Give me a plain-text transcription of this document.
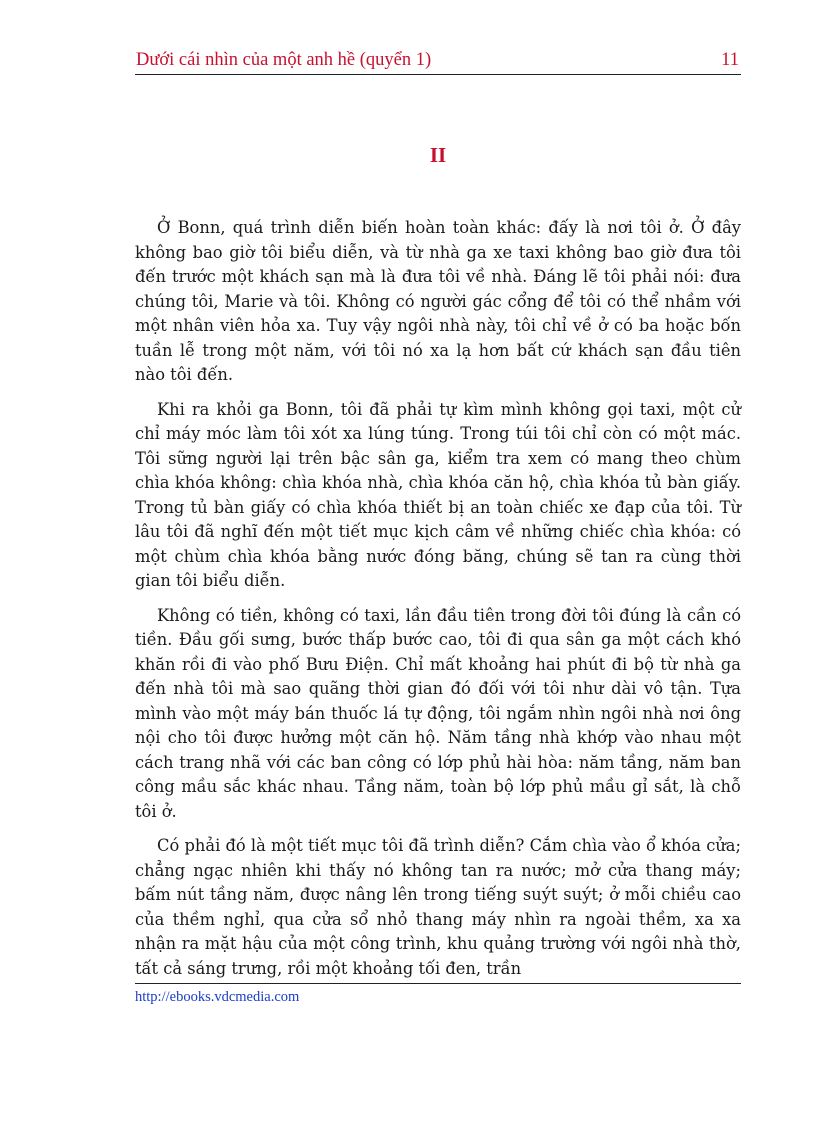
Dưới cái nhìn của một anh hề (quyển 1)	11
II

Ở Bonn, quá trình diễn biến hoàn toàn khác: đấy là nơi tôi ở. Ở đây không bao giờ tôi biểu diễn, và từ nhà ga xe taxi không bao giờ đưa tôi đến trước một khách sạn mà là đưa tôi về nhà. Đáng lẽ tôi phải nói: đưa chúng tôi, Marie và tôi. Không có người gác cổng để tôi có thể nhầm với một nhân viên hỏa xa. Tuy vậy ngôi nhà này, tôi chỉ về ở có ba hoặc bốn tuần lễ trong một năm, với tôi nó xa lạ hơn bất cứ khách sạn đầu tiên nào tôi đến.

Khi ra khỏi ga Bonn, tôi đã phải tự kìm mình không gọi taxi, một cử chỉ máy móc làm tôi xót xa lúng túng. Trong túi tôi chỉ còn có một mác. Tôi sững người lại trên bậc sân ga, kiểm tra xem có mang theo chùm chìa khóa không: chìa khóa nhà, chìa khóa căn hộ, chìa khóa tủ bàn giấy. Trong tủ bàn giấy có chìa khóa thiết bị an toàn chiếc xe đạp của tôi. Từ lâu tôi đã nghĩ đến một tiết mục kịch câm về những chiếc chìa khóa: có một chùm chìa khóa bằng nước đóng băng, chúng sẽ tan ra cùng thời gian tôi biểu diễn.

Không có tiền, không có taxi, lần đầu tiên trong đời tôi đúng là cần có tiền. Đầu gối sưng, bước thấp bước cao, tôi đi qua sân ga một cách khó khăn rồi đi vào phố Bưu Điện. Chỉ mất khoảng hai phút đi bộ từ nhà ga đến nhà tôi mà sao quãng thời gian đó đối với tôi như dài vô tận. Tựa mình vào một máy bán thuốc lá tự động, tôi ngắm nhìn ngôi nhà nơi ông nội cho tôi được hưởng một căn hộ. Năm tầng nhà khớp vào nhau một cách trang nhã với các ban công có lớp phủ hài hòa: năm tầng, năm ban công mầu sắc khác nhau. Tầng năm, toàn bộ lớp phủ mầu gỉ sắt, là chỗ tôi ở.

Có phải đó là một tiết mục tôi đã trình diễn? Cắm chìa vào ổ khóa cửa; chẳng ngạc nhiên khi thấy nó không tan ra nước; mở cửa thang máy; bấm nút tầng năm, được nâng lên trong tiếng suýt suýt; ở mỗi chiều cao của thềm nghỉ, qua cửa sổ nhỏ thang máy nhìn ra ngoài thềm, xa xa nhận ra mặt hậu của một công trình, khu quảng trường với ngôi nhà thờ, tất cả sáng trưng, rồi một khoảng tối đen, trần

http://ebooks.vdcmedia.com
